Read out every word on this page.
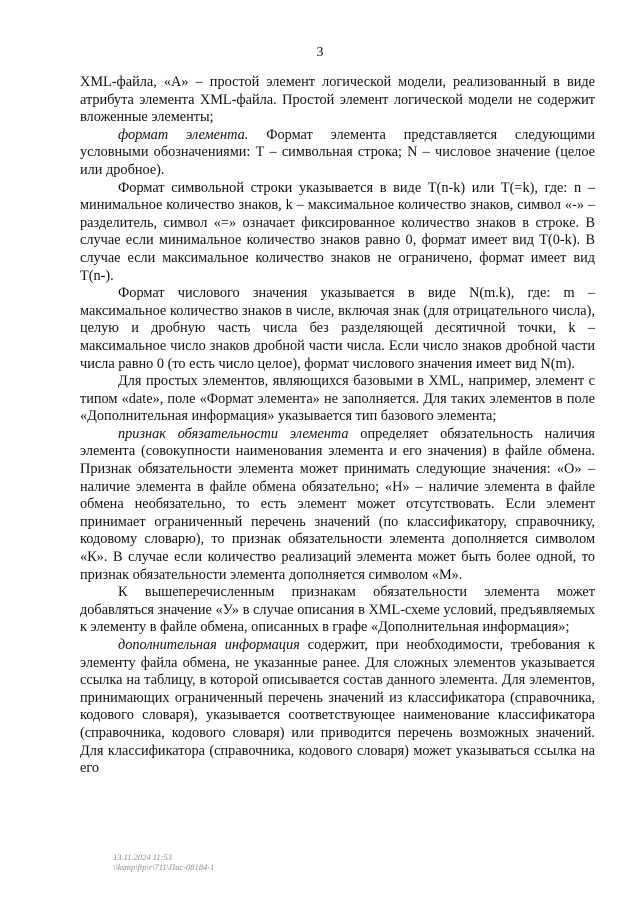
3

XML-файла, «А» – простой элемент логической модели, реализованный в виде атрибута элемента XML-файла. Простой элемент логической модели не содержит вложенные элементы;

формат элемента. Формат элемента представляется следующими условными обозначениями: Т – символьная строка; N – числовое значение (целое или дробное).

Формат символьной строки указывается в виде Т(n-k) или T(=k), где: n – минимальное количество знаков, k – максимальное количество знаков, символ «-» – разделитель, символ «=» означает фиксированное количество знаков в строке. В случае если минимальное количество знаков равно 0, формат имеет вид Т(0-k). В случае если максимальное количество знаков не ограничено, формат имеет вид Т(n-).

Формат числового значения указывается в виде N(m.k), где: m – максимальное количество знаков в числе, включая знак (для отрицательного числа), целую и дробную часть числа без разделяющей десятичной точки, k – максимальное число знаков дробной части числа. Если число знаков дробной части числа равно 0 (то есть число целое), формат числового значения имеет вид N(m).

Для простых элементов, являющихся базовыми в XML, например, элемент с типом «date», поле «Формат элемента» не заполняется. Для таких элементов в поле «Дополнительная информация» указывается тип базового элемента;

признак обязательности элемента определяет обязательность наличия элемента (совокупности наименования элемента и его значения) в файле обмена. Признак обязательности элемента может принимать следующие значения: «О» – наличие элемента в файле обмена обязательно; «Н» – наличие элемента в файле обмена необязательно, то есть элемент может отсутствовать. Если элемент принимает ограниченный перечень значений (по классификатору, справочнику, кодовому словарю), то признак обязательности элемента дополняется символом «К». В случае если количество реализаций элемента может быть более одной, то признак обязательности элемента дополняется символом «М».

К вышеперечисленным признакам обязательности элемента может добавляться значение «У» в случае описания в XML-схеме условий, предъявляемых к элементу в файле обмена, описанных в графе «Дополнительная информация»;

дополнительная информация содержит, при необходимости, требования к элементу файла обмена, не указанные ранее. Для сложных элементов указывается ссылка на таблицу, в которой описывается состав данного элемента. Для элементов, принимающих ограниченный перечень значений из классификатора (справочника, кодового словаря), указывается соответствующее наименование классификатора (справочника, кодового словаря) или приводится перечень возможных значений. Для классификатора (справочника, кодового словаря) может указываться ссылка на его

13.11.2024 11:53
\\ksmp\ftp\r\711\Пис-08184-1
